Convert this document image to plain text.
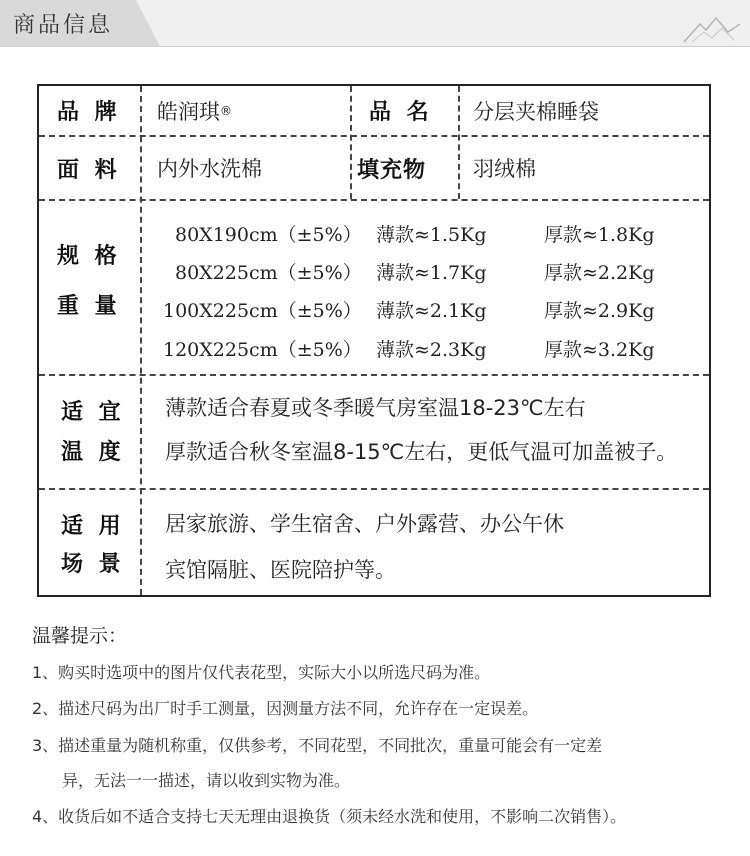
商品信息
品 牌 皓润琪 ®	品 名 分层夹棉睡袋
面 料 内外水洗棉	填充物 羽绒棉
规 格
重 量
80X190cm（±5%） 薄款≈1.5Kg	厚款≈1.8Kg
80X225cm（±5%） 薄款≈1.7Kg	厚款≈2.2Kg
100X225cm（±5%） 薄款≈2.1Kg	厚款≈2.9Kg
120X225cm（±5%） 薄款≈2.3Kg	厚款≈3.2Kg
适 宜
温 度
薄款适合春夏或冬季暖气房室温18-23℃左右
厚款适合秋冬室温8-15℃左右，更低气温可加盖被子。
适 用
场 景
居家旅游、学生宿舍、户外露营、办公午休
宾馆隔脏、医院陪护等。
温馨提示：
1、购买时选项中的图片仅代表花型，实际大小以所选尺码为准。
2、描述尺码为出厂时手工测量，因测量方法不同，允许存在一定误差。
3、描述重量为随机称重，仅供参考，不同花型，不同批次，重量可能会有一定差
异，无法一一描述，请以收到实物为准。
4、收货后如不适合支持七天无理由退换货（须未经水洗和使用，不影响二次销售）。
